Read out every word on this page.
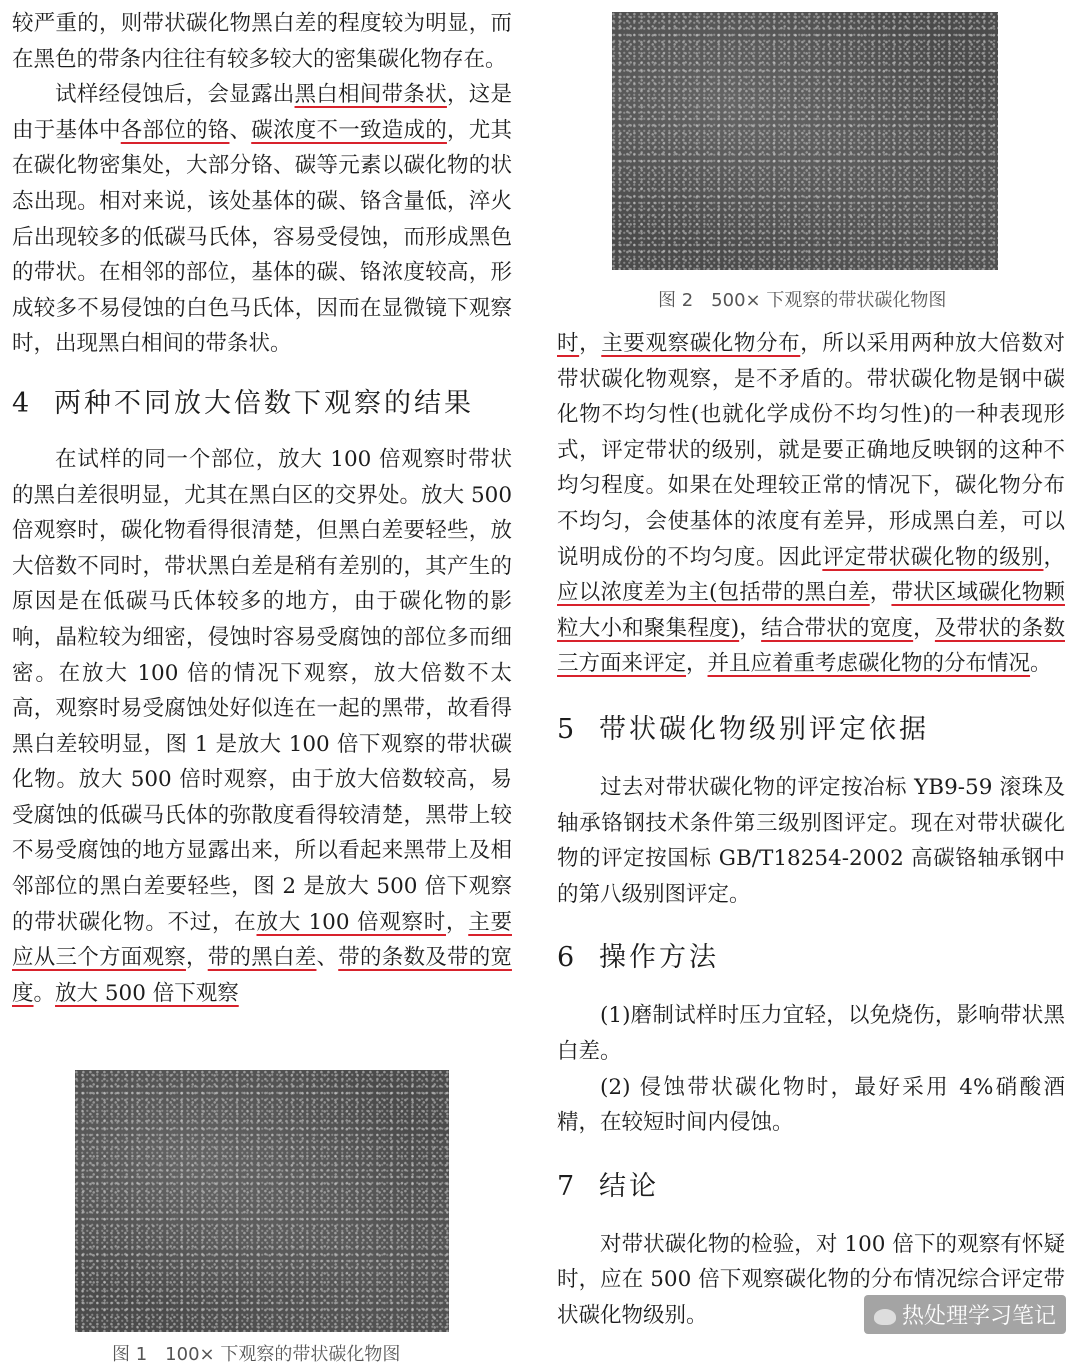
较严重的，则带状碳化物黑白差的程度较为明显，而在黑色的带条内往往有较多较大的密集碳化物存在。

试样经侵蚀后，会显露出黑白相间带条状，这是由于基体中各部位的铬、碳浓度不一致造成的，尤其在碳化物密集处，大部分铬、碳等元素以碳化物的状态出现。相对来说，该处基体的碳、铬含量低，淬火后出现较多的低碳马氏体，容易受侵蚀，而形成黑色的带状。在相邻的部位，基体的碳、铬浓度较高，形成较多不易侵蚀的白色马氏体，因而在显微镜下观察时，出现黑白相间的带条状。

4 两种不同放大倍数下观察的结果

在试样的同一个部位，放大 100 倍观察时带状的黑白差很明显，尤其在黑白区的交界处。放大 500 倍观察时，碳化物看得很清楚，但黑白差要轻些，放大倍数不同时，带状黑白差是稍有差别的，其产生的原因是在低碳马氏体较多的地方，由于碳化物的影响，晶粒较为细密，侵蚀时容易受腐蚀的部位多而细密。在放大 100 倍的情况下观察，放大倍数不太高，观察时易受腐蚀处好似连在一起的黑带，故看得黑白差较明显，图 1 是放大 100 倍下观察的带状碳化物。放大 500 倍时观察，由于放大倍数较高，易受腐蚀的低碳马氏体的弥散度看得较清楚，黑带上较不易受腐蚀的地方显露出来，所以看起来黑带上及相邻部位的黑白差要轻些，图 2 是放大 500 倍下观察的带状碳化物。不过，在放大 100 倍观察时，主要应从三个方面观察，带的黑白差、带的条数及带的宽度。放大 500 倍下观察

图 1　100× 下观察的带状碳化物图
图 2　500× 下观察的带状碳化物图

时，主要观察碳化物分布，所以采用两种放大倍数对带状碳化物观察，是不矛盾的。带状碳化物是钢中碳化物不均匀性(也就化学成份不均匀性)的一种表现形式，评定带状的级别，就是要正确地反映钢的这种不均匀程度。如果在处理较正常的情况下，碳化物分布不均匀，会使基体的浓度有差异，形成黑白差，可以说明成份的不均匀度。因此评定带状碳化物的级别，应以浓度差为主(包括带的黑白差，带状区域碳化物颗粒大小和聚集程度)，结合带状的宽度，及带状的条数三方面来评定，并且应着重考虑碳化物的分布情况。

5 带状碳化物级别评定依据

过去对带状碳化物的评定按冶标 YB9-59 滚珠及轴承铬钢技术条件第三级别图评定。现在对带状碳化物的评定按国标 GB/T18254-2002 高碳铬轴承钢中的第八级别图评定。

6 操作方法

(1)磨制试样时压力宜轻，以免烧伤，影响带状黑白差。

(2) 侵蚀带状碳化物时，最好采用 4%硝酸酒精，在较短时间内侵蚀。

7 结论

对带状碳化物的检验，对 100 倍下的观察有怀疑时，应在 500 倍下观察碳化物的分布情况综合评定带状碳化物级别。	热处理学习笔记
